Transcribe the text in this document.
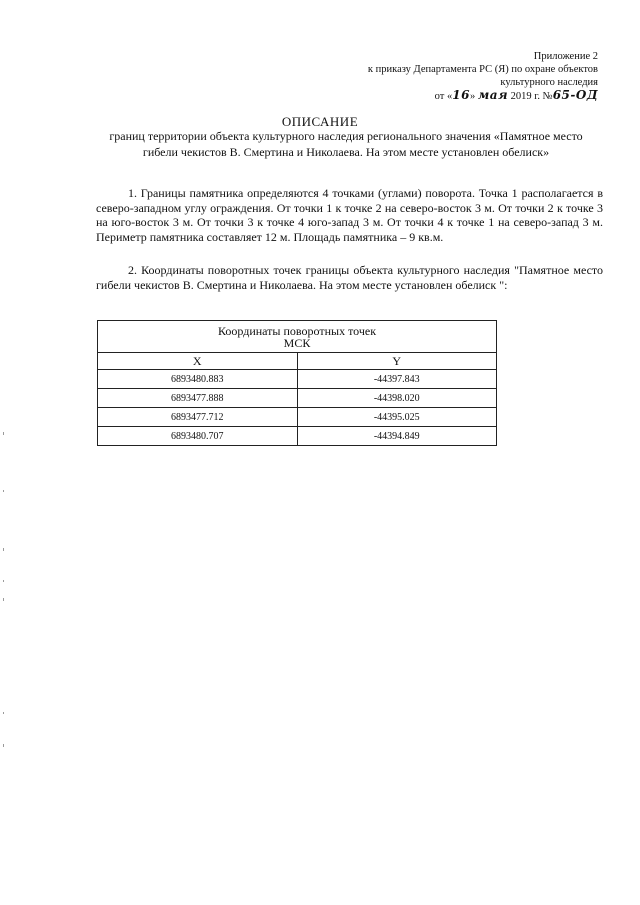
Приложение 2
к приказу Департамента РС (Я) по охране объектов
культурного наследия
от «16» мая 2019 г. №65-ОД
ОПИСАНИЕ
границ территории объекта культурного наследия регионального значения «Памятное место гибели чекистов В. Смертина и Николаева. На этом месте установлен обелиск»

1. Границы памятника определяются 4 точками (углами) поворота. Точка 1 располагается в северо-западном углу ограждения. От точки 1 к точке 2 на северо-восток 3 м. От точки 2 к точке 3 на юго-восток 3 м. От точки 3 к точке 4 юго-запад 3 м. От точки 4 к точке 1 на северо-запад 3 м. Периметр памятника составляет 12 м. Площадь памятника – 9 кв.м.

2. Координаты поворотных точек границы объекта культурного наследия "Памятное место гибели чекистов В. Смертина и Николаева. На этом месте установлен обелиск ":

Координаты поворотных точек
МСК	

X	Y
6893480.883	-44397.843
6893477.888	-44398.020
6893477.712	-44395.025
6893480.707	-44394.849
